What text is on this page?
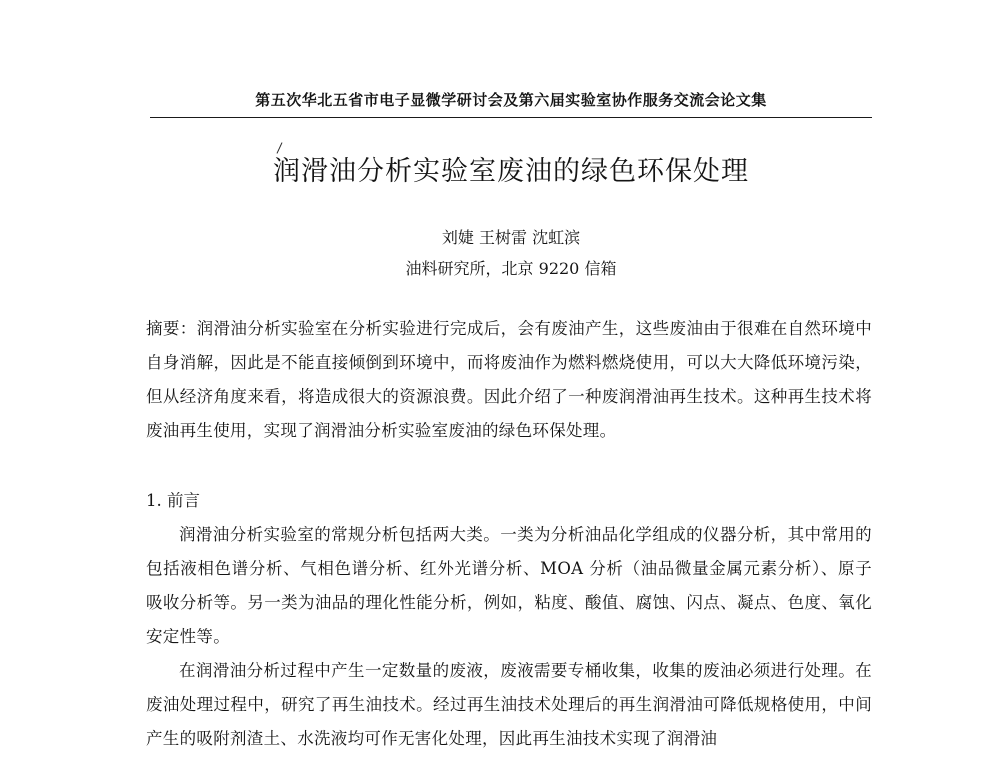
第五次华北五省市电子显微学研讨会及第六届实验室协作服务交流会论文集
润滑油分析实验室废油的绿色环保处理
刘婕 王树雷 沈虹滨
油料研究所，北京 9220 信箱
摘要：润滑油分析实验室在分析实验进行完成后，会有废油产生，这些废油由于很难在自然环境中自身消解，因此是不能直接倾倒到环境中，而将废油作为燃料燃烧使用，可以大大降低环境污染，但从经济角度来看，将造成很大的资源浪费。因此介绍了一种废润滑油再生技术。这种再生技术将废油再生使用，实现了润滑油分析实验室废油的绿色环保处理。
1. 前言

润滑油分析实验室的常规分析包括两大类。一类为分析油品化学组成的仪器分析，其中常用的包括液相色谱分析、气相色谱分析、红外光谱分析、MOA 分析（油品微量金属元素分析）、原子吸收分析等。另一类为油品的理化性能分析，例如，粘度、酸值、腐蚀、闪点、凝点、色度、氧化安定性等。

在润滑油分析过程中产生一定数量的废液，废液需要专桶收集，收集的废油必须进行处理。在废油处理过程中，研究了再生油技术。经过再生油技术处理后的再生润滑油可降低规格使用，中间产生的吸附剂渣土、水洗液均可作无害化处理，因此再生油技术实现了润滑油
